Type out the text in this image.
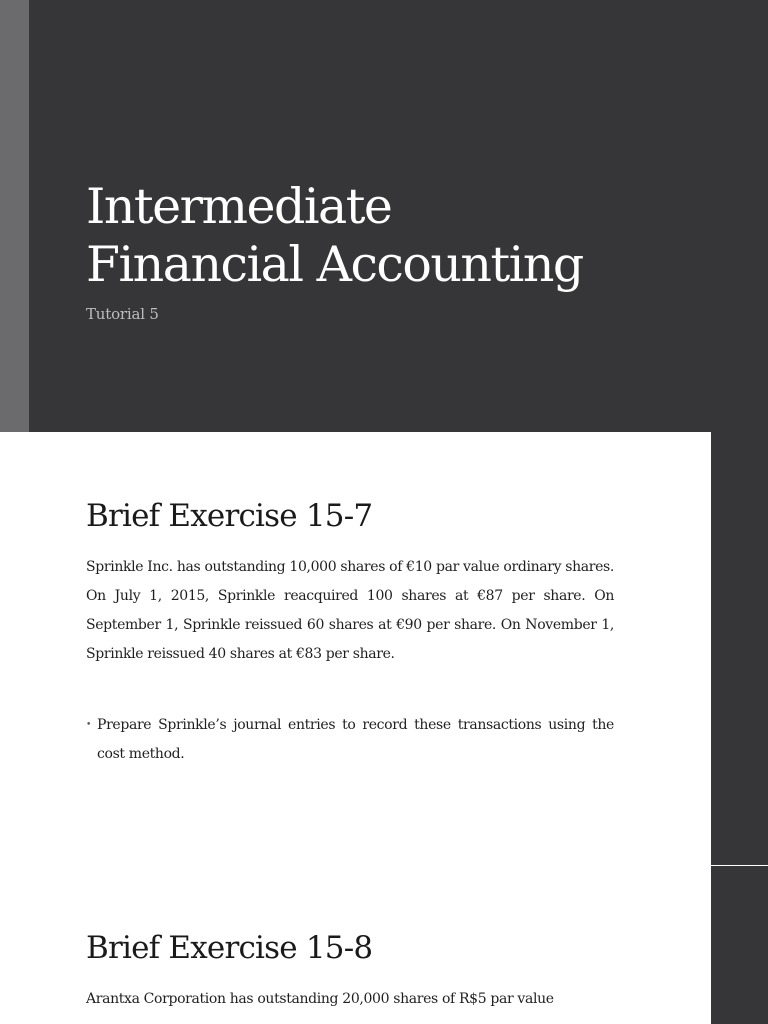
Intermediate
Financial Accounting
Tutorial 5
Brief Exercise 15-7

Sprinkle Inc. has outstanding 10,000 shares of €10 par value ordinary shares. On July 1, 2015, Sprinkle reacquired 100 shares at €87 per share. On September 1, Sprinkle reissued 60 shares at €90 per share. On November 1, Sprinkle reissued 40 shares at €83 per share.

• Prepare Sprinkle’s journal entries to record these transactions using the cost method.
Brief Exercise 15-8

Arantxa Corporation has outstanding 20,000 shares of R$5 par value
